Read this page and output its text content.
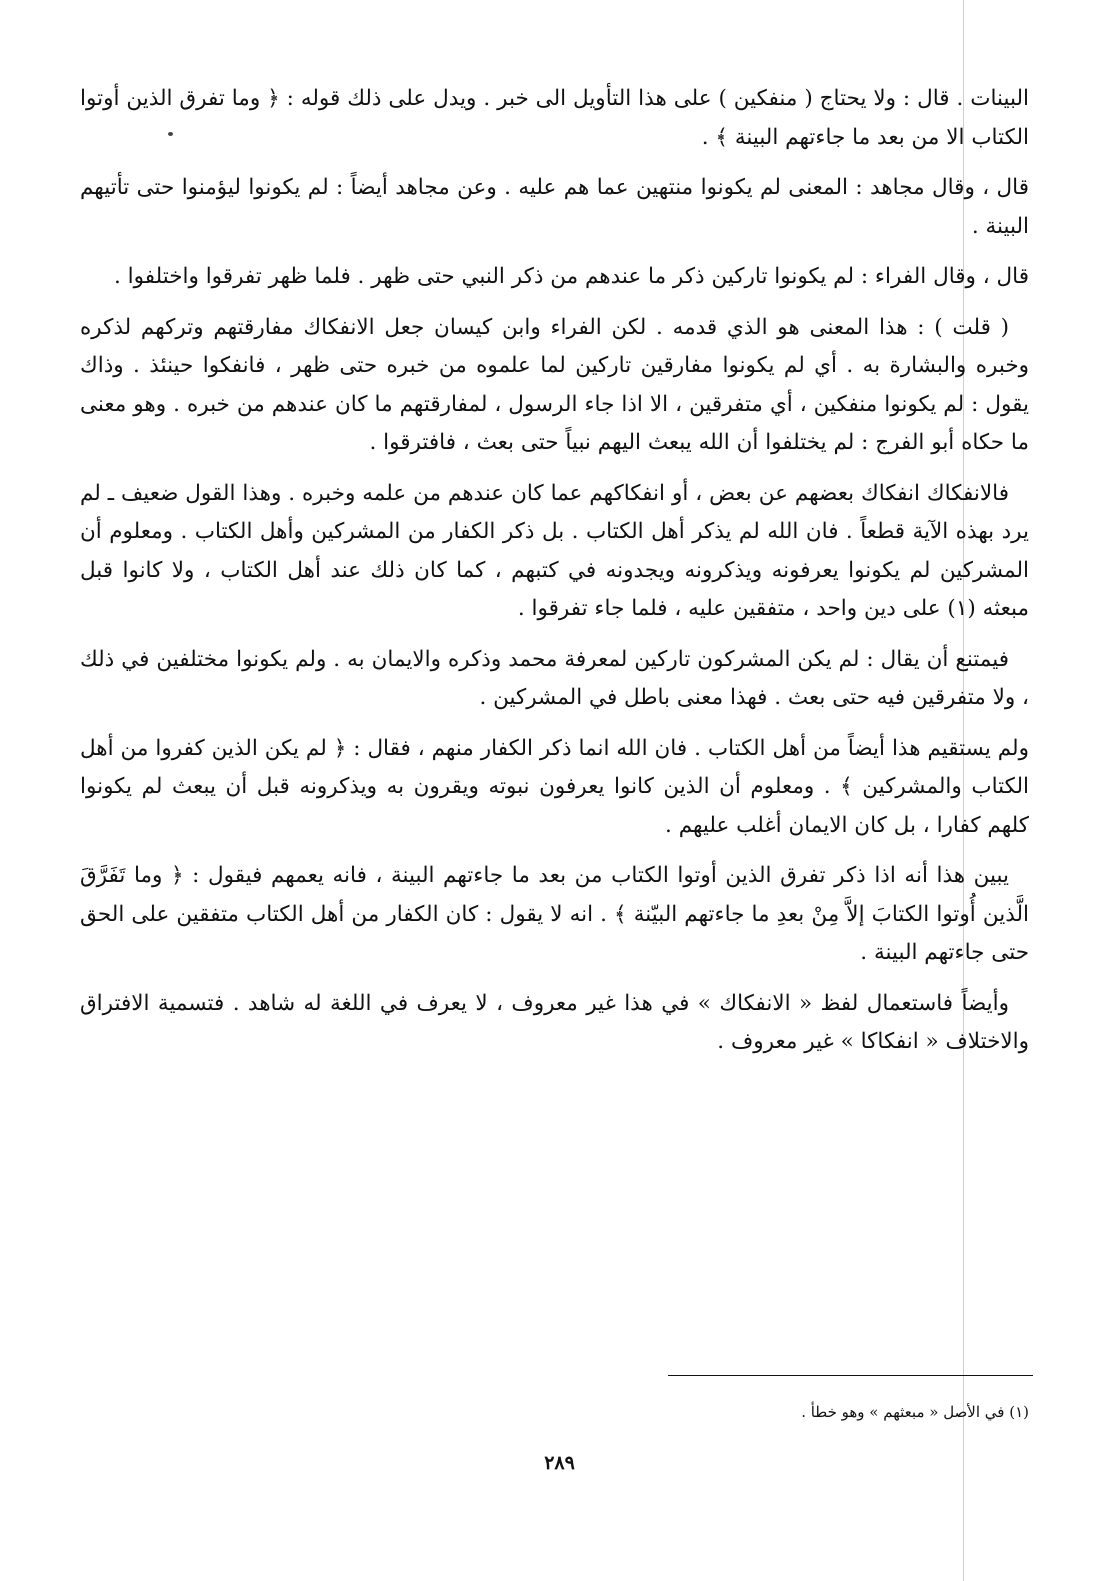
البينات . قال : ولا يحتاج ( منفكين ) على هذا التأويل الى خبر . ويدل على ذلك قوله : ﴿ وما تفرق الذين أوتوا الكتاب الا من بعد ما جاءتهم البينة ﴾ .

قال ، وقال مجاهد : المعنى لم يكونوا منتهين عما هم عليه . وعن مجاهد أيضاً : لم يكونوا ليؤمنوا حتى تأتيهم البينة .

قال ، وقال الفراء : لم يكونوا تاركين ذكر ما عندهم من ذكر النبي حتى ظهر . فلما ظهر تفرقوا واختلفوا .

( قلت ) : هذا المعنى هو الذي قدمه . لكن الفراء وابن كيسان جعل الانفكاك مفارقتهم وتركهم لذكره وخبره والبشارة به . أي لم يكونوا مفارقين تاركين لما علموه من خبره حتى ظهر ، فانفكوا حينئذ . وذاك يقول : لم يكونوا منفكين ، أي متفرقين ، الا اذا جاء الرسول ، لمفارقتهم ما كان عندهم من خبره . وهو معنى ما حكاه أبو الفرج : لم يختلفوا أن الله يبعث اليهم نبياً حتى بعث ، فافترقوا .

فالانفكاك انفكاك بعضهم عن بعض ، أو انفكاكهم عما كان عندهم من علمه وخبره . وهذا القول ضعيف ـ لم يرد بهذه الآية قطعاً . فان الله لم يذكر أهل الكتاب . بل ذكر الكفار من المشركين وأهل الكتاب . ومعلوم أن المشركين لم يكونوا يعرفونه ويذكرونه ويجدونه في كتبهم ، كما كان ذلك عند أهل الكتاب ، ولا كانوا قبل مبعثه (١) على دين واحد ، متفقين عليه ، فلما جاء تفرقوا .

فيمتنع أن يقال : لم يكن المشركون تاركين لمعرفة محمد وذكره والايمان به . ولم يكونوا مختلفين في ذلك ، ولا متفرقين فيه حتى بعث . فهذا معنى باطل في المشركين .

ولم يستقيم هذا أيضاً من أهل الكتاب . فان الله انما ذكر الكفار منهم ، فقال : ﴿ لم يكن الذين كفروا من أهل الكتاب والمشركين ﴾ . ومعلوم أن الذين كانوا يعرفون نبوته ويقرون به ويذكرونه قبل أن يبعث لم يكونوا كلهم كفارا ، بل كان الايمان أغلب عليهم .

يبين هذا أنه اذا ذكر تفرق الذين أوتوا الكتاب من بعد ما جاءتهم البينة ، فانه يعمهم فيقول : ﴿ وما تَفَرَّقَ الَّذين أُوتوا الكتابَ إلاَّ مِنْ بعدِ ما جاءتهم البيّنة ﴾ . انه لا يقول : كان الكفار من أهل الكتاب متفقين على الحق حتى جاءتهم البينة .

وأيضاً فاستعمال لفظ « الانفكاك » في هذا غير معروف ، لا يعرف في اللغة له شاهد . فتسمية الافتراق والاختلاف « انفكاكا » غير معروف .

(١) في الأصل « مبعثهم » وهو خطأ .
٢٨٩
